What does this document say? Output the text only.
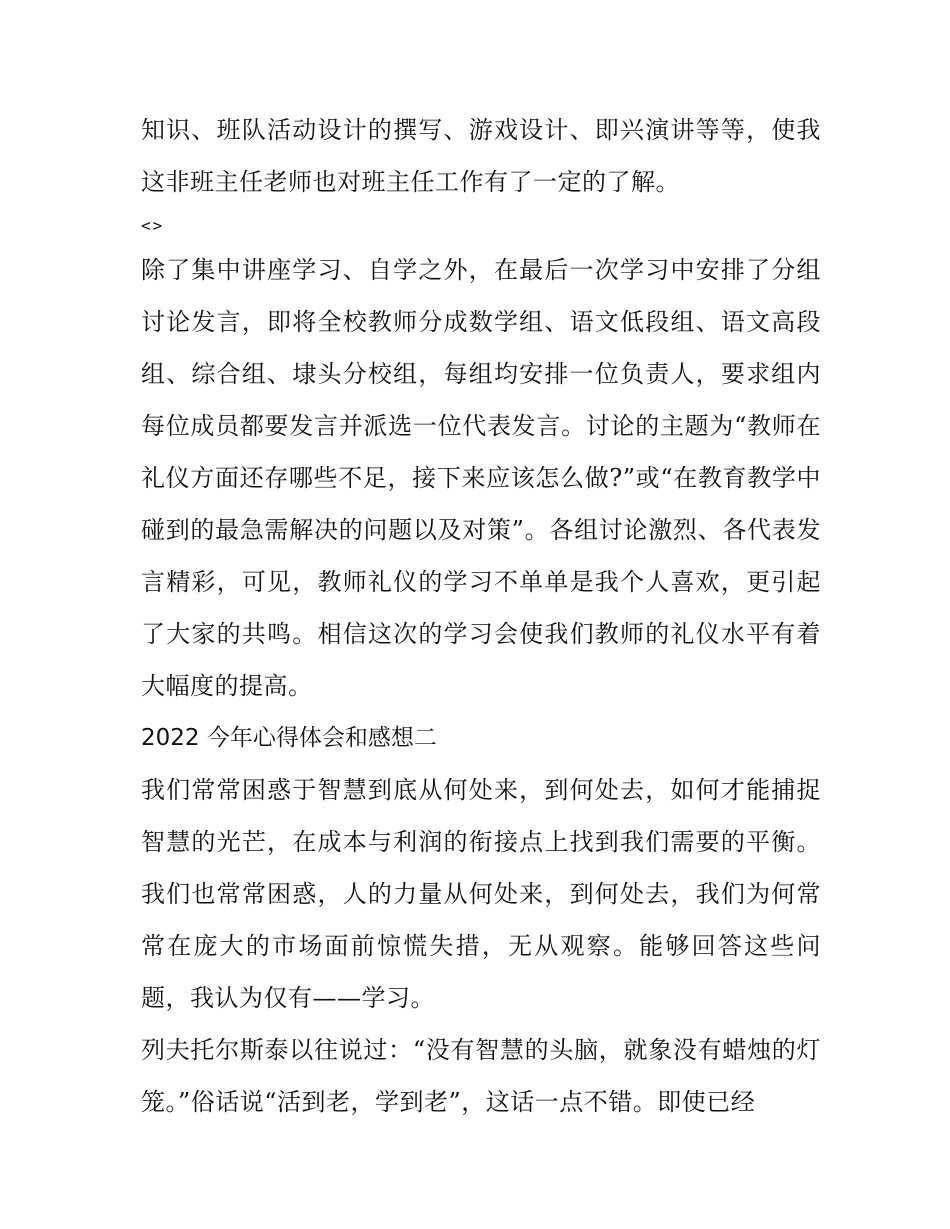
知识、班队活动设计的撰写、游戏设计、即兴演讲等等，使我这非班主任老师也对班主任工作有了一定的了解。

<>

除了集中讲座学习、自学之外，在最后一次学习中安排了分组讨论发言，即将全校教师分成数学组、语文低段组、语文高段组、综合组、埭头分校组，每组均安排一位负责人，要求组内每位成员都要发言并派选一位代表发言。讨论的主题为“教师在礼仪方面还存哪些不足，接下来应该怎么做?”或“在教育教学中碰到的最急需解决的问题以及对策”。各组讨论激烈、各代表发言精彩，可见，教师礼仪的学习不单单是我个人喜欢，更引起了大家的共鸣。相信这次的学习会使我们教师的礼仪水平有着大幅度的提高。

2022 今年心得体会和感想二

我们常常困惑于智慧到底从何处来，到何处去，如何才能捕捉智慧的光芒，在成本与利润的衔接点上找到我们需要的平衡。我们也常常困惑，人的力量从何处来，到何处去，我们为何常常在庞大的市场面前惊慌失措，无从观察。能够回答这些问题，我认为仅有——学习。

列夫托尔斯泰以往说过：“没有智慧的头脑，就象没有蜡烛的灯笼。”俗话说“活到老，学到老”，这话一点不错。即使已经
